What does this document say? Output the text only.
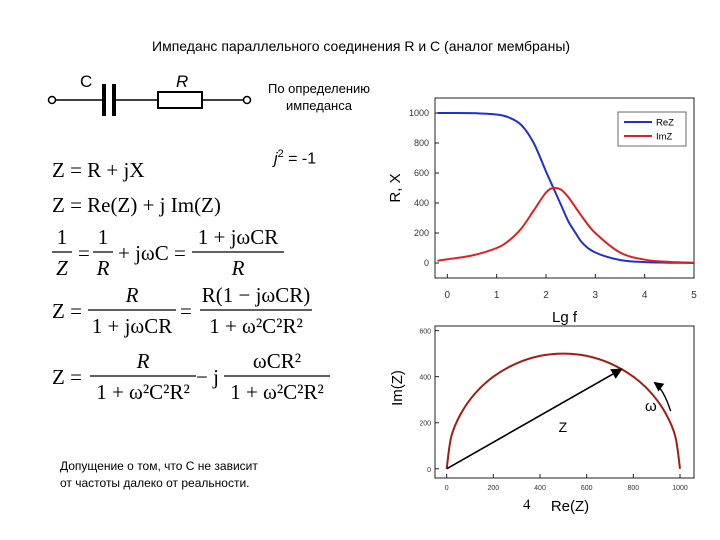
Импеданс параллельного соединения R и C (аналог мембраны)
C	R	По определению
импеданса
$j^2 = -1$
Z = R + jX
Z = Re(Z) + j Im(Z)
1
Z
=
1
R
+ jωC =
1 + jωCR
R
Z =
R
1 + jωCR
=
R(1 − jωCR)
1 + ω²C²R²
Z =
R
1 + ω²C²R²
− j
ωCR²
1 + ω²C²R²
Допущение о том, что C не зависит
от частоты далеко от реальности.
0	1	2	3	4	5
0
200
400
600
800
1000
Lg f
R, X
ReZ
ImZ
0	200	400	600	800	1000
0
200
400
600
Re(Z)
Im(Z)
Z
ω
4
